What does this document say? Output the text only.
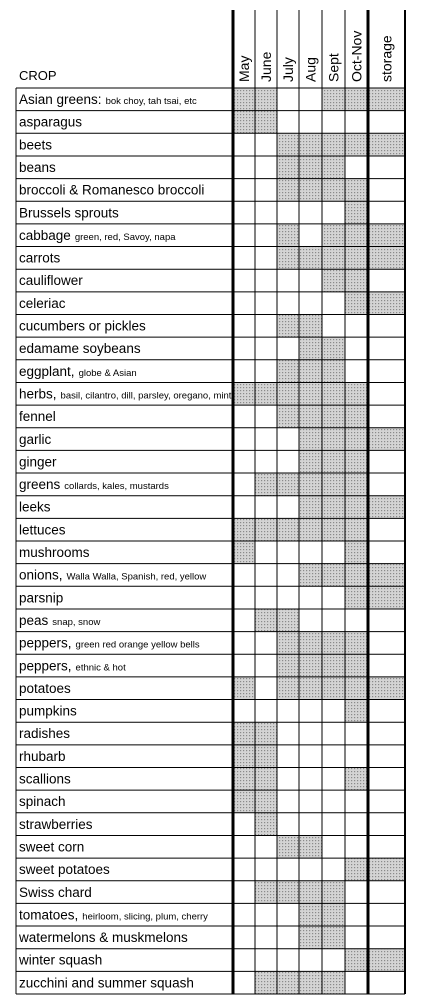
CROP	May June July Aug Sept Oct-Nov storage
Asian greens: bok choy, tah tsai, etc
asparagus
beets
beans
broccoli & Romanesco broccoli
Brussels sprouts
cabbage green, red, Savoy, napa
carrots
cauliflower
celeriac
cucumbers or pickles
edamame soybeans
eggplant, globe & Asian
herbs, basil, cilantro, dill, parsley, oregano, mint
fennel
garlic
ginger
greens collards, kales, mustards
leeks
lettuces
mushrooms
onions, Walla Walla, Spanish, red, yellow
parsnip
peas snap, snow
peppers, green red orange yellow bells
peppers, ethnic & hot
potatoes
pumpkins
radishes
rhubarb
scallions
spinach
strawberries
sweet corn
sweet potatoes
Swiss chard
tomatoes, heirloom, slicing, plum, cherry
watermelons & muskmelons
winter squash
zucchini and summer squash
